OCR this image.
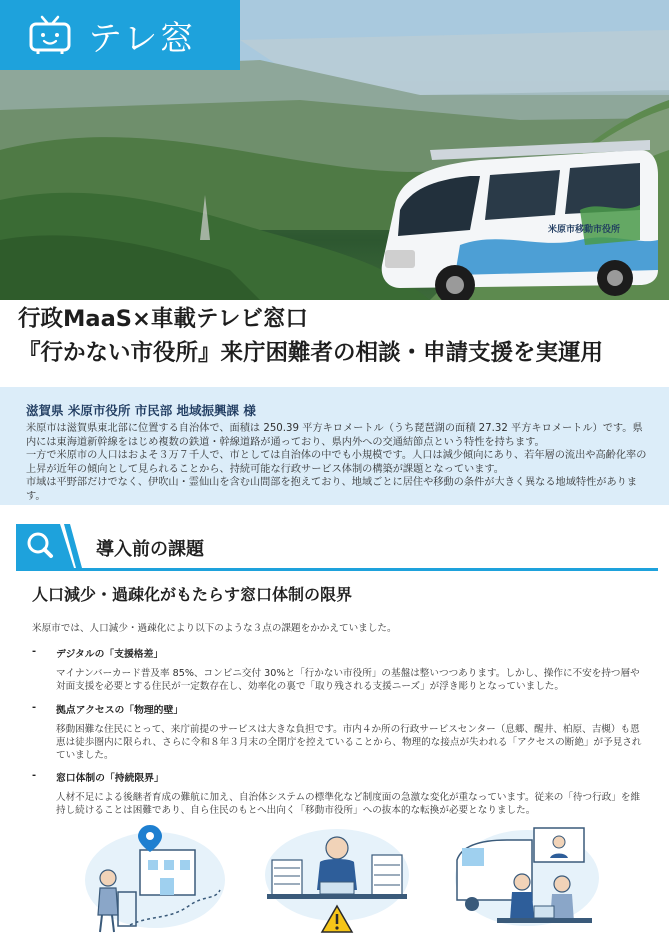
米原市移動市役所
テレ窓
行政MaaS×車載テレビ窓口
『行かない市役所』来庁困難者の相談・申請支援を実運用
滋賀県 米原市役所 市民部 地域振興課 様

米原市は滋賀県東北部に位置する自治体で、面積は 250.39 平方キロメートル（うち琵琶湖の面積 27.32 平方キロメートル）です。県内には東海道新幹線をはじめ複数の鉄道・幹線道路が通っており、県内外への交通結節点という特性を持ちます。

一方で米原市の人口はおよそ３万７千人で、市としては自治体の中でも小規模です。人口は減少傾向にあり、若年層の流出や高齢化率の上昇が近年の傾向として見られることから、持続可能な行政サービス体制の構築が課題となっています。

市域は平野部だけでなく、伊吹山・霊仙山を含む山間部を抱えており、地域ごとに居住や移動の条件が大きく異なる地域特性があります。

導入前の課題
人口減少・過疎化がもたらす窓口体制の限界
米原市では、人口減少・過疎化により以下のような３点の課題をかかえていました。
-	デジタルの「支援格差」
マイナンバーカード普及率 85%、コンビニ交付 30%と「行かない市役所」の基盤は整いつつあります。しかし、操作に不安を持つ層や対面支援を必要とする住民が一定数存在し、効率化の裏で「取り残される支援ニーズ」が浮き彫りとなっていました。
-	拠点アクセスの「物理的壁」
移動困難な住民にとって、来庁前提のサービスは大きな負担です。市内４か所の行政サービスセンター（息郷、醒井、柏原、吉槻）も恩恵は徒歩圏内に限られ、さらに令和８年３月末の全閉庁を控えていることから、物理的な接点が失われる「アクセスの断絶」が予見されていました。
-	窓口体制の「持続限界」
人材不足による後継者育成の難航に加え、自治体システムの標準化など制度面の急激な変化が重なっています。従来の「待つ行政」を維持し続けることは困難であり、自ら住民のもとへ出向く「移動市役所」への抜本的な転換が必要となりました。
